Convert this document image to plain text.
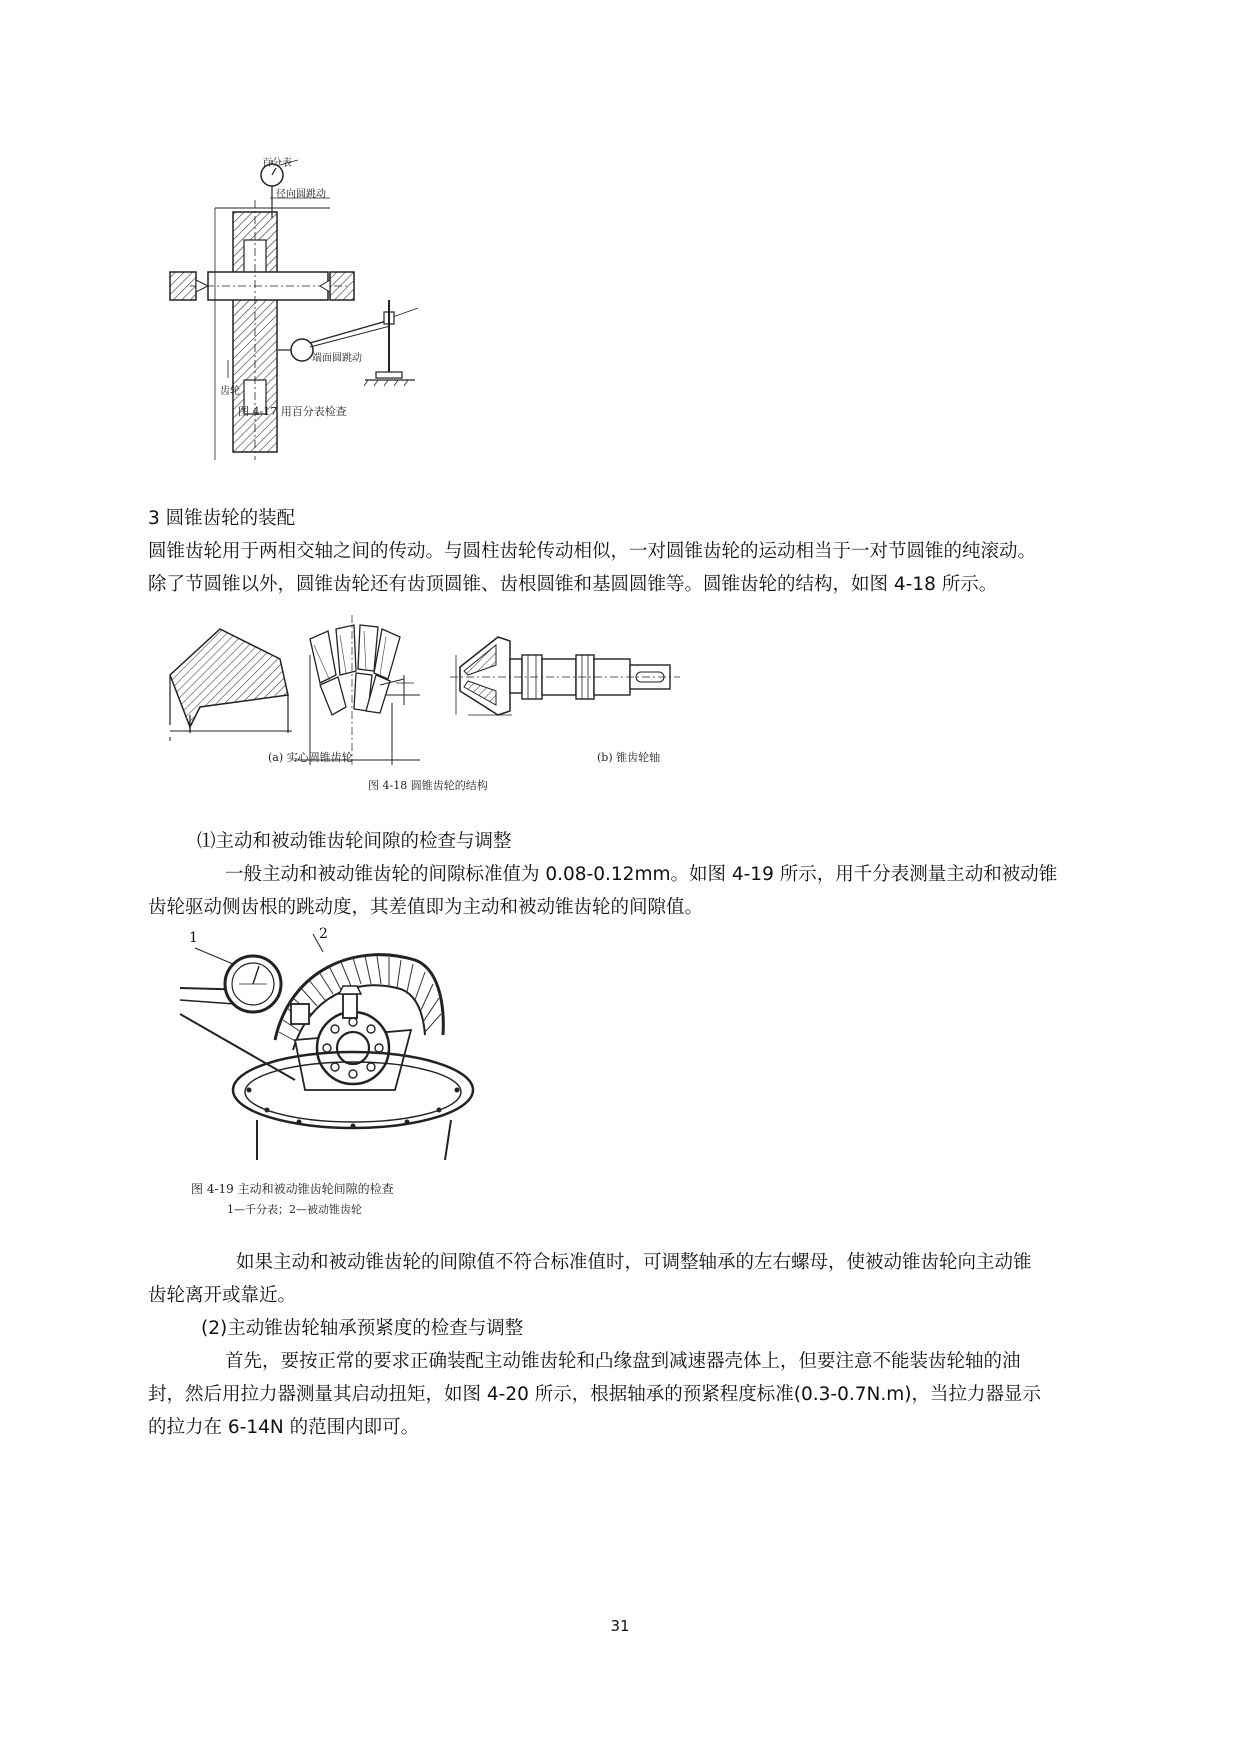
百分表
径向圆跳动
端面圆跳动
齿轮
图 4-17 用百分表检查
3 圆锥齿轮的装配
圆锥齿轮用于两相交轴之间的传动。与圆柱齿轮传动相似，一对圆锥齿轮的运动相当于一对节圆锥的纯滚动。
除了节圆锥以外，圆锥齿轮还有齿顶圆锥、齿根圆锥和基圆圆锥等。圆锥齿轮的结构，如图 4-18 所示。
(a) 实心圆锥齿轮	(b) 锥齿轮轴
图 4-18 圆锥齿轮的结构
⑴主动和被动锥齿轮间隙的检查与调整
一般主动和被动锥齿轮的间隙标准值为 0.08-0.12mm。如图 4-19 所示，用千分表测量主动和被动锥
齿轮驱动侧齿根的跳动度，其差值即为主动和被动锥齿轮的间隙值。
1	2
图 4-19 主动和被动锥齿轮间隙的检查
1—千分表；2—被动锥齿轮
如果主动和被动锥齿轮的间隙值不符合标准值时，可调整轴承的左右螺母，使被动锥齿轮向主动锥
齿轮离开或靠近。
(2)主动锥齿轮轴承预紧度的检查与调整
首先，要按正常的要求正确装配主动锥齿轮和凸缘盘到减速器壳体上，但要注意不能装齿轮轴的油
封，然后用拉力器测量其启动扭矩，如图 4-20 所示，根据轴承的预紧程度标准(0.3-0.7N.m)，当拉力器显示
的拉力在 6-14N 的范围内即可。
31
